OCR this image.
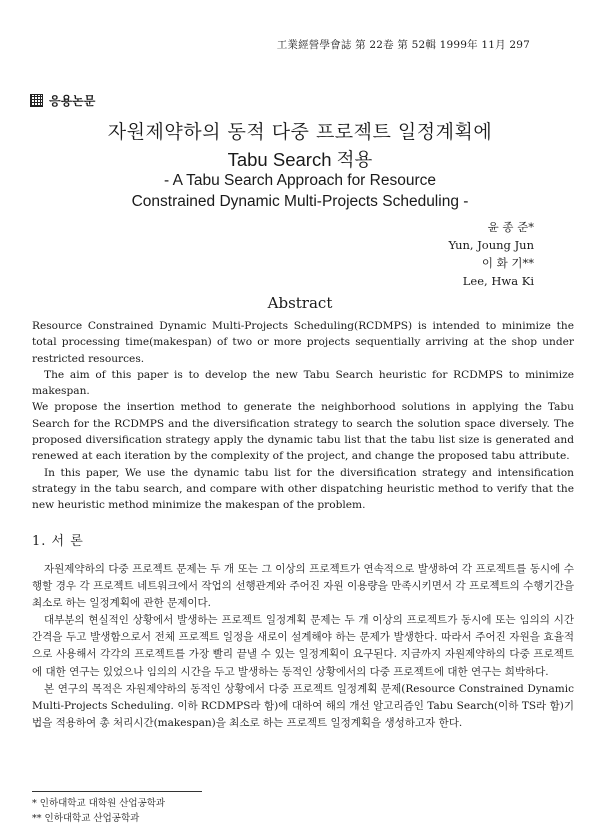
工業經營學會誌 第 22卷 第 52輯 1999年 11月 297
응용논문
자원제약하의 동적 다중 프로젝트 일정계획에
Tabu Search 적용
- A Tabu Search Approach for Resource
Constrained Dynamic Multi-Projects Scheduling -
윤 종 준*
Yun, Joung Jun
이 화 기**
Lee, Hwa Ki
Abstract

Resource Constrained Dynamic Multi-Projects Scheduling(RCDMPS) is intended to minimize the total processing time(makespan) of two or more projects sequentially arriving at the shop under restricted resources.

The aim of this paper is to develop the new Tabu Search heuristic for RCDMPS to minimize makespan.

We propose the insertion method to generate the neighborhood solutions in applying the Tabu Search for the RCDMPS and the diversification strategy to search the solution space diversely. The proposed diversification strategy apply the dynamic tabu list that the tabu list size is generated and renewed at each iteration by the complexity of the project, and change the proposed tabu attribute.

In this paper, We use the dynamic tabu list for the diversification strategy and intensification strategy in the tabu search, and compare with other dispatching heuristic method to verify that the new heuristic method minimize the makespan of the problem.

1. 서 론

자원제약하의 다중 프로젝트 문제는 두 개 또는 그 이상의 프로젝트가 연속적으로 발생하여 각 프로젝트를 동시에 수행할 경우 각 프로젝트 네트워크에서 작업의 선행관계와 주어진 자원 이용량을 만족시키면서 각 프로젝트의 수행기간을 최소로 하는 일정계획에 관한 문제이다.

대부분의 현실적인 상황에서 발생하는 프로젝트 일정계획 문제는 두 개 이상의 프로젝트가 동시에 또는 임의의 시간 간격을 두고 발생함으로서 전체 프로젝트 일정을 새로이 설계해야 하는 문제가 발생한다. 따라서 주어진 자원을 효율적으로 사용해서 각각의 프로젝트를 가장 빨리 끝낼 수 있는 일정계획이 요구된다. 지금까지 자원제약하의 다중 프로젝트에 대한 연구는 있었으나 임의의 시간을 두고 발생하는 동적인 상황에서의 다중 프로젝트에 대한 연구는 희박하다.

본 연구의 목적은 자원제약하의 동적인 상황에서 다중 프로젝트 일정계획 문제(Resource Constrained Dynamic Multi-Projects Scheduling. 이하 RCDMPS라 함)에 대하여 해의 개선 알고리즘인 Tabu Search(이하 TS라 함)기법을 적용하여 총 처리시간(makespan)을 최소로 하는 프로젝트 일정계획을 생성하고자 한다.

* 인하대학교 대학원 산업공학과
** 인하대학교 산업공학과
